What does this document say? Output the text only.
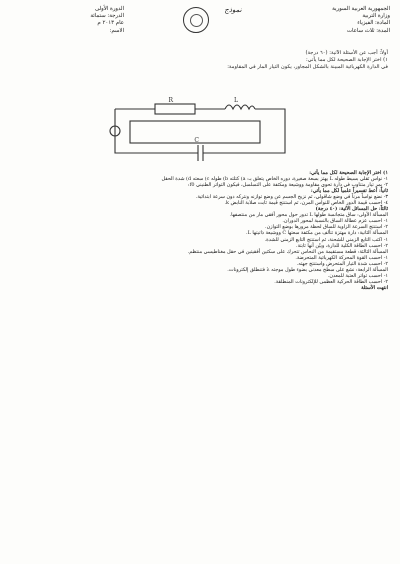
الجمهورية العربية السورية
وزارة التربية
المادة: الفيزياء
المدة: ثلاث ساعات
نموذج
الدورة الأولى
الدرجة: ستمائة
عام ٢٠١٣ م
الاسم:
أولاً: أجب عن الأسئلة الآتية: (٦٠ درجة)
١) اختر الإجابة الصحيحة لكل مما يأتي:
في الدارة الكهربائية المبينة بالشكل المجاور، يكون التيار المار في المقاومة:
R	L
C

١) اختر الإجابة الصحيحة لكل مما يأتي:

١- نواس ثقلي بسيط طوله L يهتز بسعة صغيرة، دوره الخاص يتعلق بـ: a) كتلته b) طوله c) سعته d) شدة الحقل

٢- يمر تيار متناوب في دارة تحوي مقاومة ووشيعة ومكثفة على التسلسل، فيكون التواتر الطنيني f0:

ثانياً: أعط تفسيراً علمياً لكل مما يأتي:

٣- نضع نواساً مرناً في وضع شاقولي، ثم نزيح الجسم عن وضع توازنه ونتركه دون سرعة ابتدائية.

٤- احسب قيمة الدور الخاص للنواس المرن، ثم استنتج قيمة ثابت صلابة النابض k.

ثالثاً: حل المسائل الآتية: (٤٠ درجة)

المسألة الأولى: ساق متجانسة طولها L تدور حول محور أفقي مار من منتصفها.

١- احسب عزم عطالة الساق بالنسبة لمحور الدوران.

٢- استنتج السرعة الزاوية للساق لحظة مرورها بوضع التوازن.

المسألة الثانية: دارة مهتزة تتألف من مكثفة سعتها C ووشيعة ذاتيتها L.

١- اكتب التابع الزمني للشحنة، ثم استنتج التابع الزمني للشدة.

٢- احسب الطاقة الكلية للدارة، وبيّن أنها ثابتة.

المسألة الثالثة: قطعة مستقيمة من النحاس تتحرك على سكتين أفقيتين في حقل مغناطيسي منتظم.

١- احسب القوة المحركة الكهربائية المتحرضة.

٢- احسب شدة التيار المتحرض واستنتج جهته.

المسألة الرابعة: نشع على سطح معدني بضوء طول موجته λ فتنطلق إلكترونات.

١- احسب تواتر العتبة للمعدن.

٢- احسب الطاقة الحركية العظمى للإلكترونات المنطلقة.

انتهت الأسئلة
